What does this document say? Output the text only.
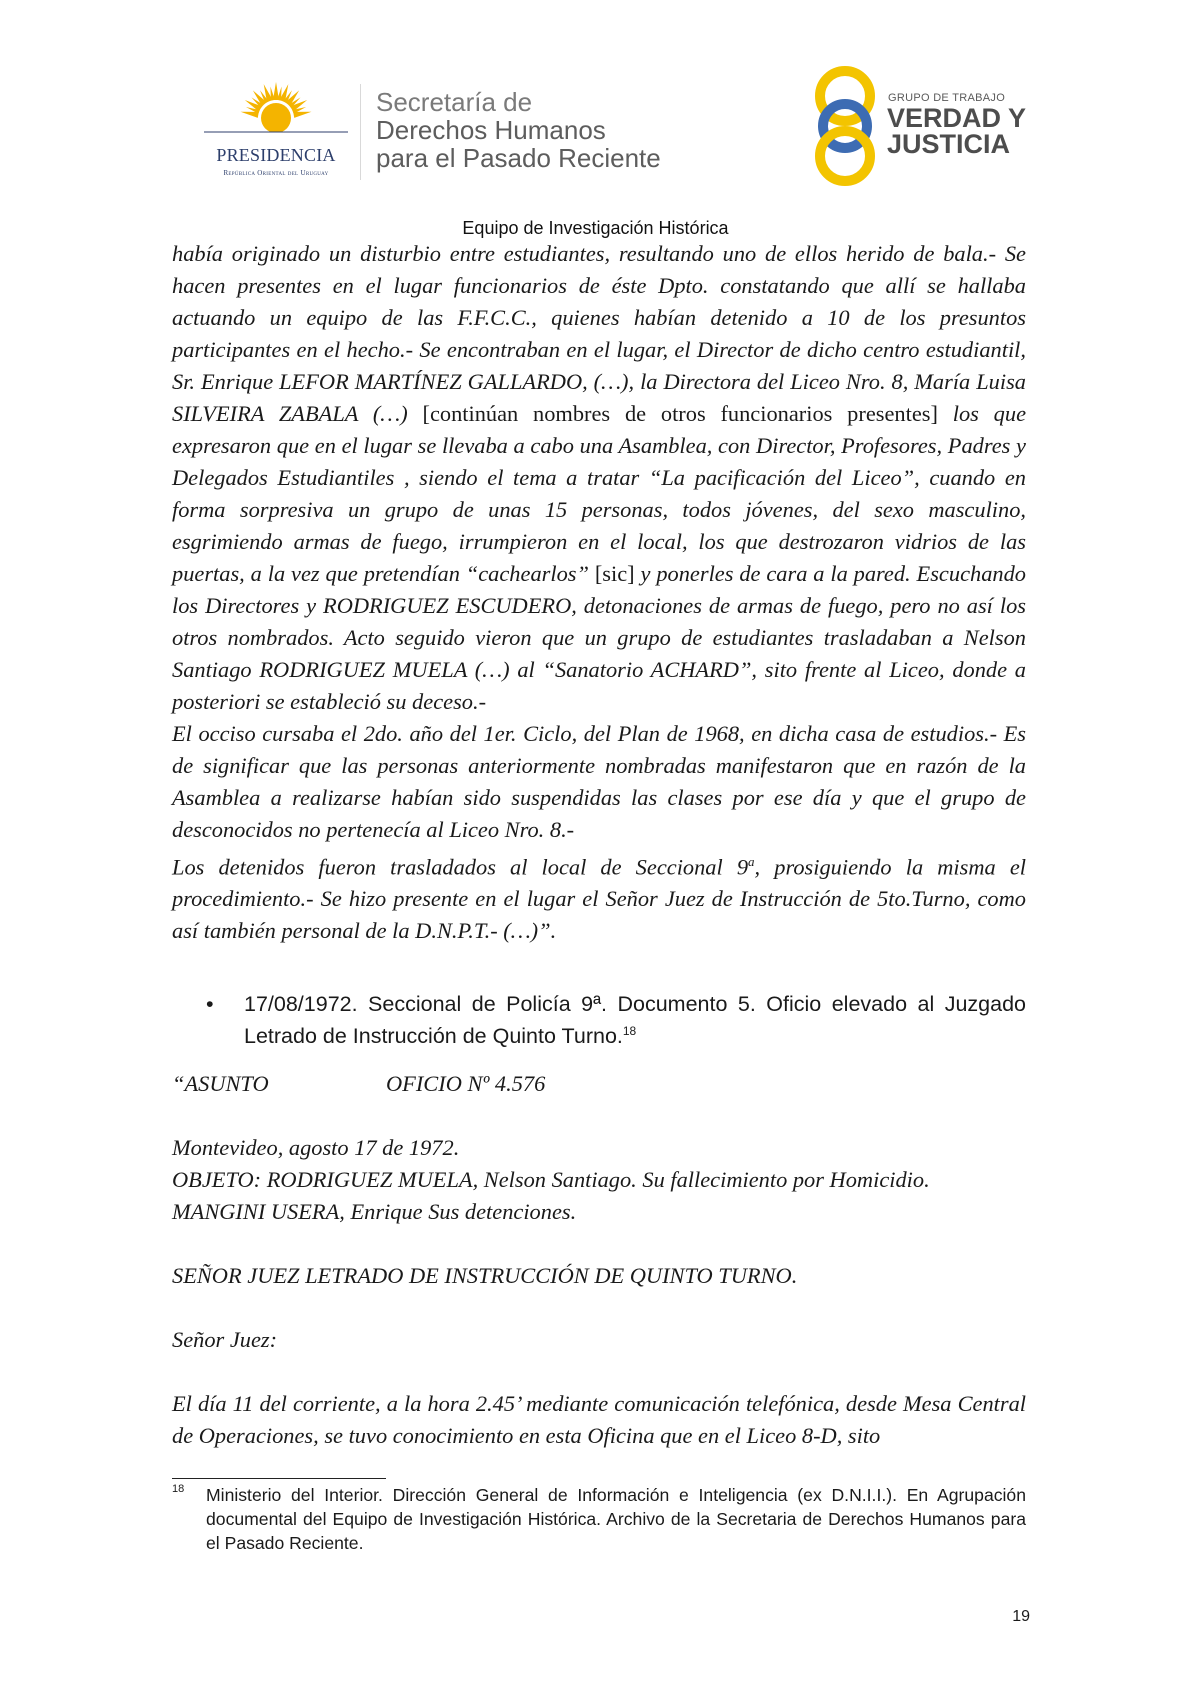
PRESIDENCIA
República Oriental del Uruguay
Secretaría de
Derechos Humanos
para el Pasado Reciente
GRUPO DE TRABAJO
VERDAD Y
JUSTICIA
Equipo de Investigación Histórica

había originado un disturbio entre estudiantes, resultando uno de ellos herido de bala.- Se hacen presentes en el lugar funcionarios de éste Dpto. constatando que allí se hallaba actuando un equipo de las F.F.C.C., quienes habían detenido a 10 de los presuntos participantes en el hecho.- Se encontraban en el lugar, el Director de dicho centro estudiantil, Sr. Enrique LEFOR MARTÍNEZ GALLARDO, (…), la Directora del Liceo Nro. 8, María Luisa SILVEIRA ZABALA (…) [continúan nombres de otros funcionarios presentes] los que expresaron que en el lugar se llevaba a cabo una Asamblea, con Director, Profesores, Padres y Delegados Estudiantiles , siendo el tema a tratar “La pacificación del Liceo”, cuando en forma sorpresiva un grupo de unas 15 personas, todos jóvenes, del sexo masculino, esgrimiendo armas de fuego, irrumpieron en el local, los que destrozaron vidrios de las puertas, a la vez que pretendían “cachearlos” [sic] y ponerles de cara a la pared. Escuchando los Directores y RODRIGUEZ ESCUDERO, detonaciones de armas de fuego, pero no así los otros nombrados. Acto seguido vieron que un grupo de estudiantes trasladaban a Nelson Santiago RODRIGUEZ MUELA (…) al “Sanatorio ACHARD”, sito frente al Liceo, donde a posteriori se estableció su deceso.-

El occiso cursaba el 2do. año del 1er. Ciclo, del Plan de 1968, en dicha casa de estudios.- Es de significar que las personas anteriormente nombradas manifestaron que en razón de la Asamblea a realizarse habían sido suspendidas las clases por ese día y que el grupo de desconocidos no pertenecía al Liceo Nro. 8.-

Los detenidos fueron trasladados al local de Seccional 9$^a$, prosiguiendo la misma el procedimiento.- Se hizo presente en el lugar el Señor Juez de Instrucción de 5to.Turno, como así también personal de la D.N.P.T.- (…)”.

• 17/08/1972. Seccional de Policía 9ª. Documento 5. Oficio elevado al Juzgado Letrado de Instrucción de Quinto Turno.$^{18}$
“ASUNTO	OFICIO Nº 4.576

Montevideo, agosto 17 de 1972.

OBJETO: RODRIGUEZ MUELA, Nelson Santiago. Su fallecimiento por Homicidio.

MANGINI USERA, Enrique Sus detenciones.

SEÑOR JUEZ LETRADO DE INSTRUCCIÓN DE QUINTO TURNO.
Señor Juez:
El día 11 del corriente, a la hora 2.45’ mediante comunicación telefónica, desde Mesa Central de Operaciones, se tuvo conocimiento en esta Oficina que en el Liceo 8-D, sito
18 Ministerio del Interior. Dirección General de Información e Inteligencia (ex D.N.I.I.). En Agrupación documental del Equipo de Investigación Histórica. Archivo de la Secretaria de Derechos Humanos para el Pasado Reciente.
19
